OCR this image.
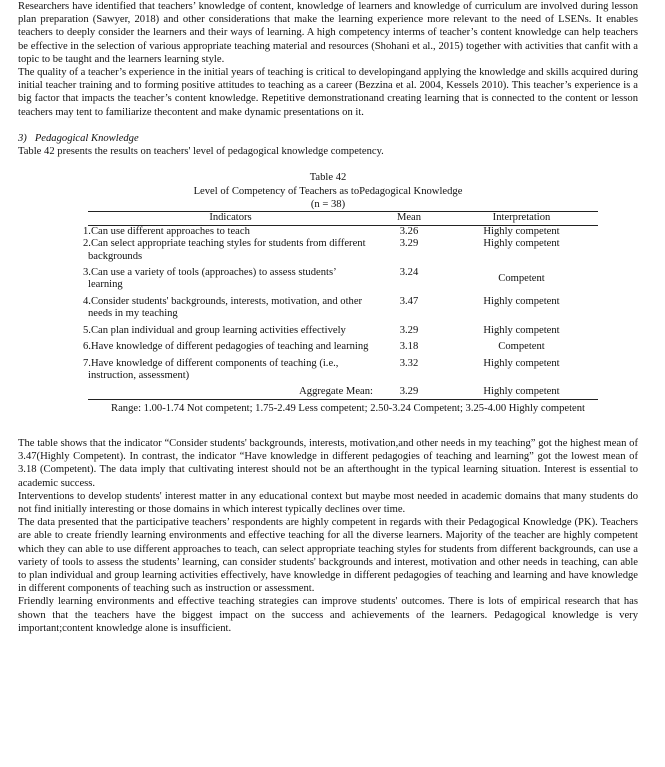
Researchers have identified that teachers’ knowledge of content, knowledge of learners and knowledge of curriculum are involved during lesson plan preparation (Sawyer, 2018) and other considerations that make the learning experience more relevant to the need of LSENs. It enables teachers to deeply consider the learners and their ways of learning. A high competency interms of teacher’s content knowledge can help teachers be effective in the selection of various appropriate teaching material and resources (Shohani et al., 2015) together with activities that canfit with a topic to be taught and the learners learning style.

The quality of a teacher’s experience in the initial years of teaching is critical to developingand applying the knowledge and skills acquired during initial teacher training and to forming positive attitudes to teaching as a career (Bezzina et al. 2004, Kessels 2010). This teacher’s experience is a big factor that impacts the teacher’s content knowledge. Repetitive demonstrationand creating learning that is connected to the content or lesson teachers may tent to familiarize thecontent and make dynamic presentations on it.

3) Pedagogical Knowledge

Table 42 presents the results on teachers' level of pedagogical knowledge competency.

Table 42
Level of Competency of Teachers as toPedagogical Knowledge
(n = 38)
Indicators	Mean	Interpretation
1.Can use different approaches to teach	3.26	Highly competent
2.Can select appropriate teaching styles for students from different backgrounds	3.29	Highly competent
3.Can use a variety of tools (approaches) to assess students’ learning	3.24	Competent
4.Consider students' backgrounds, interests, motivation, and other needs in my teaching	3.47	Highly competent
5.Can plan individual and group learning activities effectively	3.29	Highly competent
6.Have knowledge of different pedagogies of teaching and learning	3.18	Competent
7.Have knowledge of different components of teaching (i.e., instruction, assessment)	3.32	Highly competent
Aggregate Mean:	3.29	Highly competent
Range: 1.00-1.74 Not competent; 1.75-2.49 Less competent; 2.50-3.24 Competent; 3.25-4.00 Highly competent

The table shows that the indicator “Consider students' backgrounds, interests, motivation,and other needs in my teaching” got the highest mean of 3.47(Highly Competent). In contrast, the indicator “Have knowledge in different pedagogies of teaching and learning” got the lowest mean of 3.18 (Competent). The data imply that cultivating interest should not be an afterthought in the typical learning situation. Interest is essential to academic success.

Interventions to develop students' interest matter in any educational context but maybe most needed in academic domains that many students do not find initially interesting or those domains in which interest typically declines over time.

The data presented that the participative teachers’ respondents are highly competent in regards with their Pedagogical Knowledge (PK). Teachers are able to create friendly learning environments and effective teaching for all the diverse learners. Majority of the teacher are highly competent which they can able to use different approaches to teach, can select appropriate teaching styles for students from different backgrounds, can use a variety of tools to assess the students’ learning, can consider students' backgrounds and interest, motivation and other needs in teaching, can able to plan individual and group learning activities effectively, have knowledge in different pedagogies of teaching and learning and have knowledge in different components of teaching such as instruction or assessment.

Friendly learning environments and effective teaching strategies can improve students' outcomes. There is lots of empirical research that has shown that the teachers have the biggest impact on the success and achievements of the learners. Pedagogical knowledge is very important;content knowledge alone is insufficient.
